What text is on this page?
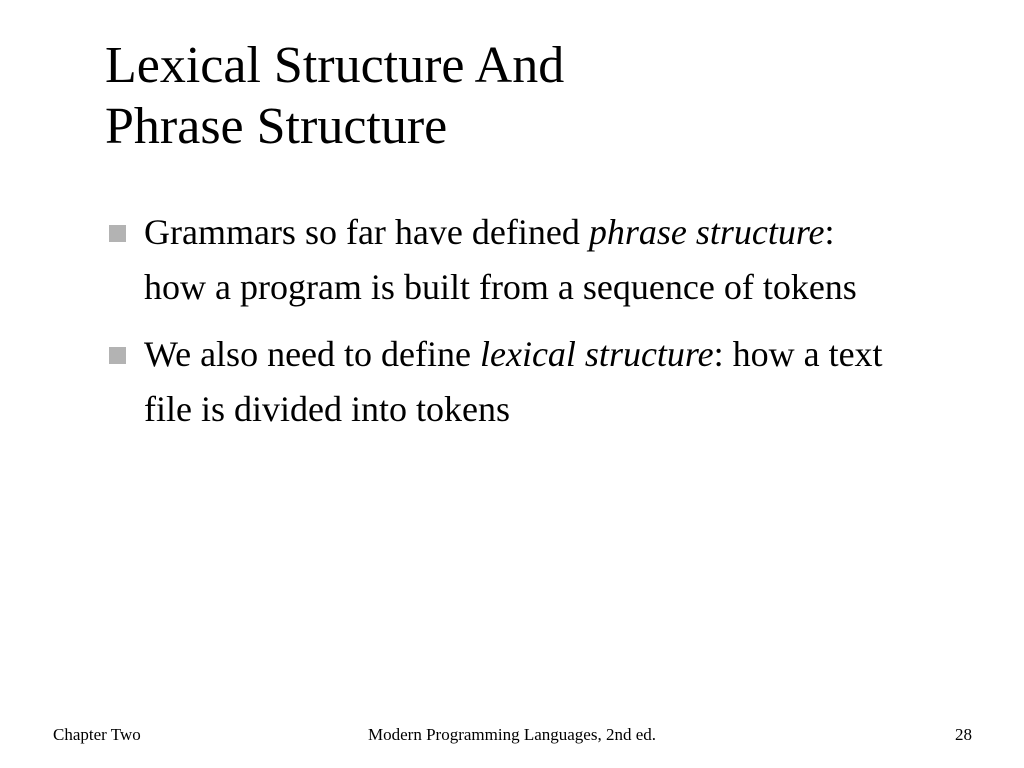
Lexical Structure And
Phrase Structure
Grammars so far have defined phrase structure: how a program is built from a sequence of tokens
We also need to define lexical structure: how a text file is divided into tokens
Chapter Two	Modern Programming Languages, 2nd ed.	28
